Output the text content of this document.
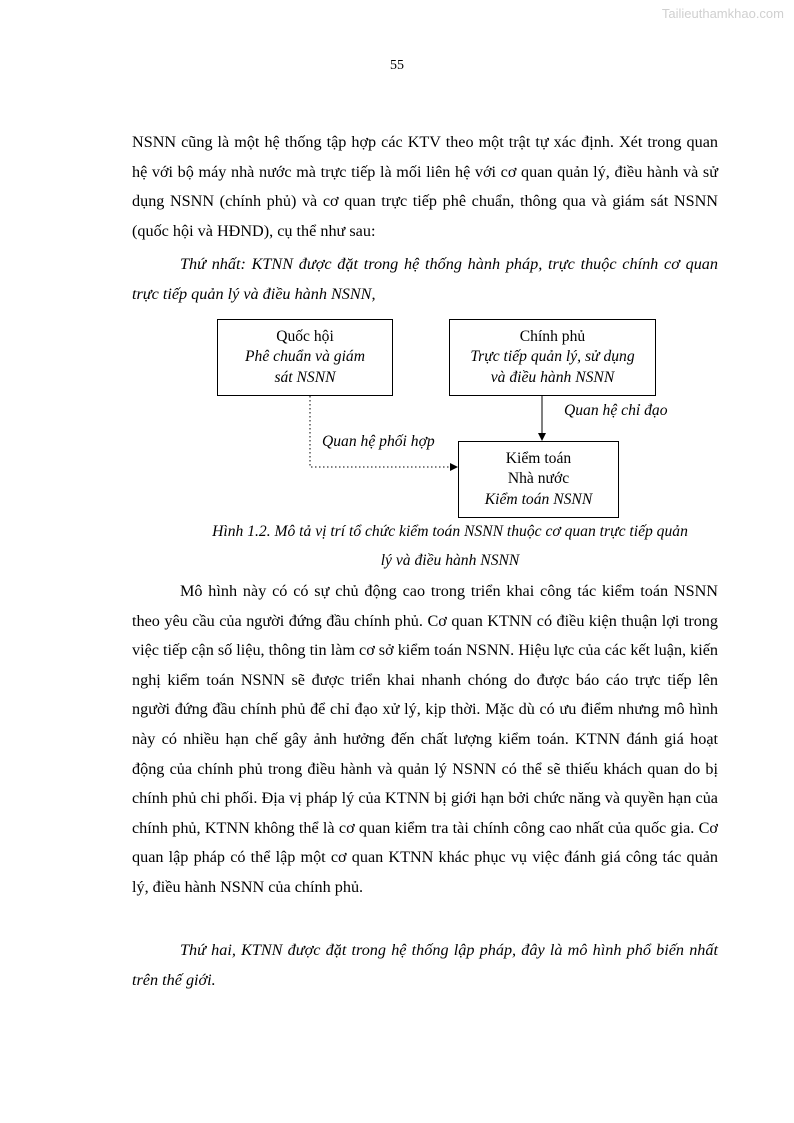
Tailieuthamkhao.com
55

NSNN cũng là một hệ thống tập hợp các KTV theo một trật tự xác định. Xét trong quan hệ với bộ máy nhà nước mà trực tiếp là mối liên hệ với cơ quan quản lý, điều hành và sử dụng NSNN (chính phủ) và cơ quan trực tiếp phê chuẩn, thông qua và giám sát NSNN (quốc hội và HĐND), cụ thể như sau:

Thứ nhất: KTNN được đặt trong hệ thống hành pháp, trực thuộc chính cơ quan trực tiếp quản lý và điều hành NSNN,

Quốc hội
Phê chuẩn và giám
sát NSNN
Chính phủ
Trực tiếp quản lý, sử dụng
và điều hành NSNN
Kiểm toán
Nhà nước
Kiểm toán NSNN
Quan hệ chỉ đạo
Quan hệ phối hợp
Hình 1.2. Mô tả vị trí tổ chức kiểm toán NSNN thuộc cơ quan trực tiếp quản
lý và điều hành NSNN

Mô hình này có có sự chủ động cao trong triển khai công tác kiểm toán NSNN theo yêu cầu của người đứng đầu chính phủ. Cơ quan KTNN có điều kiện thuận lợi trong việc tiếp cận số liệu, thông tin làm cơ sở kiểm toán NSNN. Hiệu lực của các kết luận, kiến nghị kiểm toán NSNN sẽ được triển khai nhanh chóng do được báo cáo trực tiếp lên người đứng đầu chính phủ để chỉ đạo xử lý, kịp thời. Mặc dù có ưu điểm nhưng mô hình này có nhiều hạn chế gây ảnh hưởng đến chất lượng kiểm toán. KTNN đánh giá hoạt động của chính phủ trong điều hành và quản lý NSNN có thể sẽ thiếu khách quan do bị chính phủ chi phối. Địa vị pháp lý của KTNN bị giới hạn bởi chức năng và quyền hạn của chính phủ, KTNN không thể là cơ quan kiểm tra tài chính công cao nhất của quốc gia. Cơ quan lập pháp có thể lập một cơ quan KTNN khác phục vụ việc đánh giá công tác quản lý, điều hành NSNN của chính phủ.

Thứ hai, KTNN được đặt trong hệ thống lập pháp, đây là mô hình phổ biến nhất trên thế giới.
